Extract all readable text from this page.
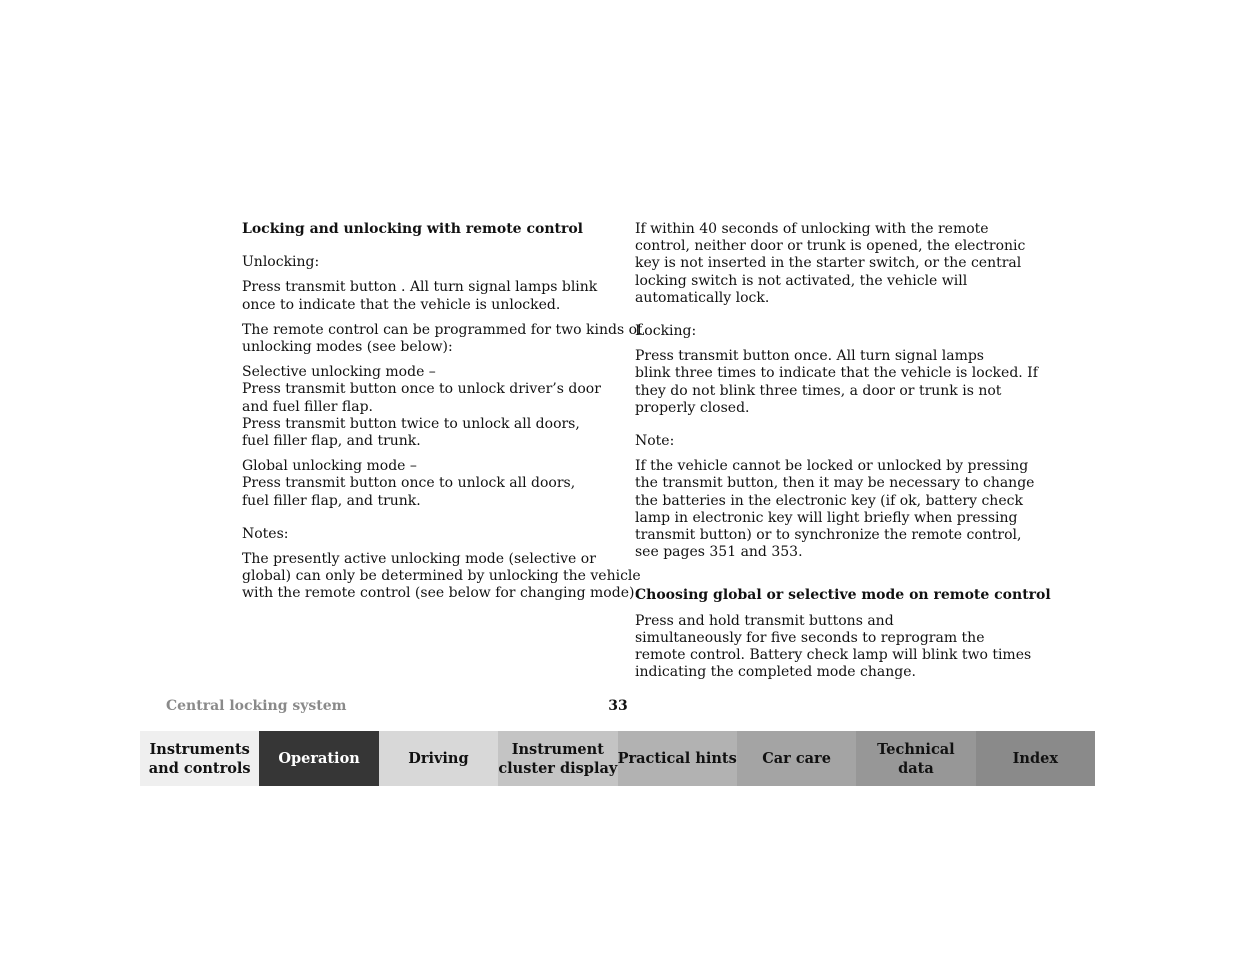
Locking and unlocking with remote control

Unlocking:

Press transmit button . All turn signal lamps blink

once to indicate that the vehicle is unlocked.

The remote control can be programmed for two kinds of

unlocking modes (see below):

Selective unlocking mode –

Press transmit button once to unlock driver’s door

and fuel filler flap.

Press transmit button twice to unlock all doors,

fuel filler flap, and trunk.

Global unlocking mode –

Press transmit button once to unlock all doors,

fuel filler flap, and trunk.

Notes:

The presently active unlocking mode (selective or

global) can only be determined by unlocking the vehicle

with the remote control (see below for changing mode).

If within 40 seconds of unlocking with the remote

control, neither door or trunk is opened, the electronic

key is not inserted in the starter switch, or the central

locking switch is not activated, the vehicle will

automatically lock.

Locking:

Press transmit button once. All turn signal lamps

blink three times to indicate that the vehicle is locked. If

they do not blink three times, a door or trunk is not

properly closed.

Note:

If the vehicle cannot be locked or unlocked by pressing

the transmit button, then it may be necessary to change

the batteries in the electronic key (if ok, battery check

lamp in electronic key will light briefly when pressing

transmit button) or to synchronize the remote control,

see pages 351 and 353.

Choosing global or selective mode on remote control

Press and hold transmit buttons and

simultaneously for five seconds to reprogram the

remote control. Battery check lamp will blink two times

indicating the completed mode change.

Central locking system	33
Instruments
and controls
Operation	Driving
Instrument
cluster display
Practical hints	Car care
Technical
data
Index
